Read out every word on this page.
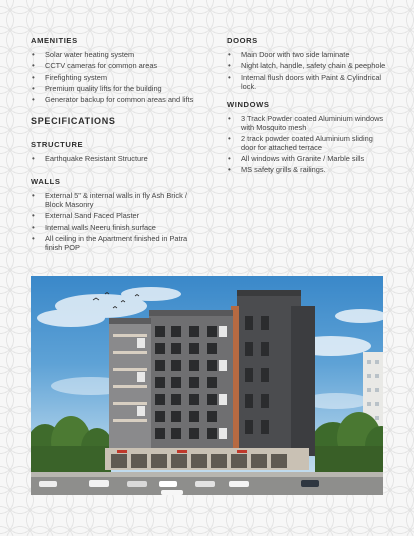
AMENITIES
• Solar water heating system
• CCTV cameras for common areas
• Firefighting system
• Premium quality lifts for the building
• Generator backup for common areas and lifts
SPECIFICATIONS
STRUCTURE
• Earthquake Resistant Structure
WALLS
• External 5" & internal walls in fly Ash Brick / Block Masonry
• External Sand Faced Plaster
• Internal walls Neeru finish surface
• All ceiling in the Apartment finished in Patra finish POP
DOORS
• Main Door with two side laminate
• Night latch, handle, safety chain & peephole
• Internal flush doors with Paint & Cylindrical lock.
WINDOWS
• 3 Track Powder coated Aluminium windows with Mosquito mesh
• 2 track powder coated Aluminium sliding door for attached terrace
• All windows with Granite / Marble sills
• MS safety grills & railings.
